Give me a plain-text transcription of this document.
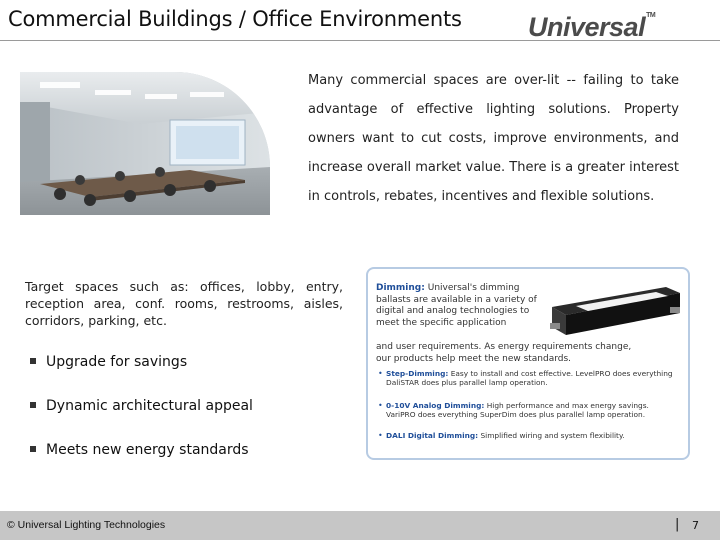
Commercial Buildings / Office Environments Universal™
Many commercial spaces are over-lit -- failing to take advantage of effective lighting solutions. Property owners want to cut costs, improve environments, and increase overall market value. There is a greater interest in controls, rebates, incentives and flexible solutions.
Target spaces such as: offices, lobby, entry, reception area, conf. rooms, restrooms, aisles, corridors, parking, etc.
Upgrade for savings
Dynamic architectural appeal
Meets new energy standards
Dimming: Universal's dimming ballasts are available in a variety of digital and analog technologies to meet the specific application
and user requirements. As energy requirements change, our products help meet the new standards.
• Step-Dimming: Easy to install and cost effective. LevelPRO does everything DaliSTAR does plus parallel lamp operation.
• 0-10V Analog Dimming: High performance and max energy savings. VariPRO does everything SuperDim does plus parallel lamp operation.
• DALI Digital Dimming: Simplified wiring and system flexibility.
© Universal Lighting Technologies	| 7
